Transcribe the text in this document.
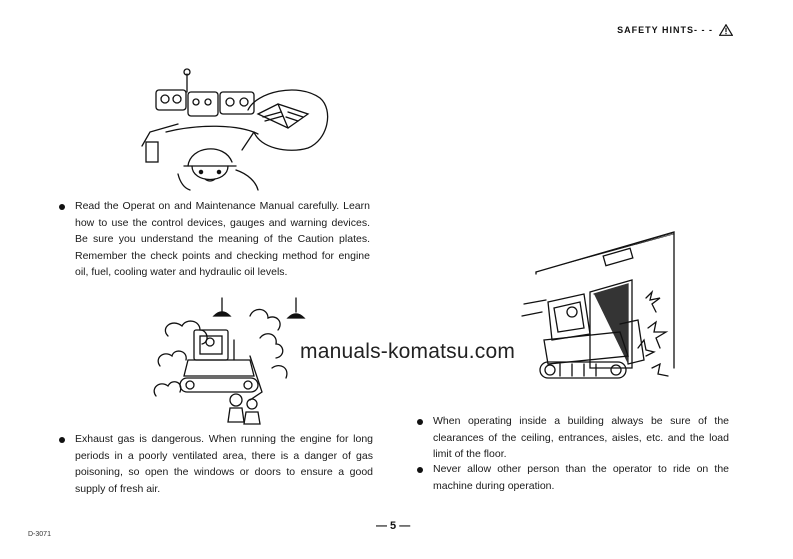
SAFETY HINTS- - -
Read the Operat on and Maintenance Manual carefully. Learn how to use the control devices, gauges and warning devices. Be sure you understand the meaning of the Caution plates. Remember the check points and checking method for engine oil, fuel, cooling water and hydraulic oil levels.
Exhaust gas is dangerous. When running the engine for long periods in a poorly ventilated area, there is a danger of gas poisoning, so open the windows or doors to ensure a good supply of fresh air.
When operating inside a building always be sure of the clearances of the ceiling, entrances, aisles, etc. and the load limit of the floor.
Never allow other person than the operator to ride on the machine during operation.
manuals-komatsu.com
— 5 —
D-3071
